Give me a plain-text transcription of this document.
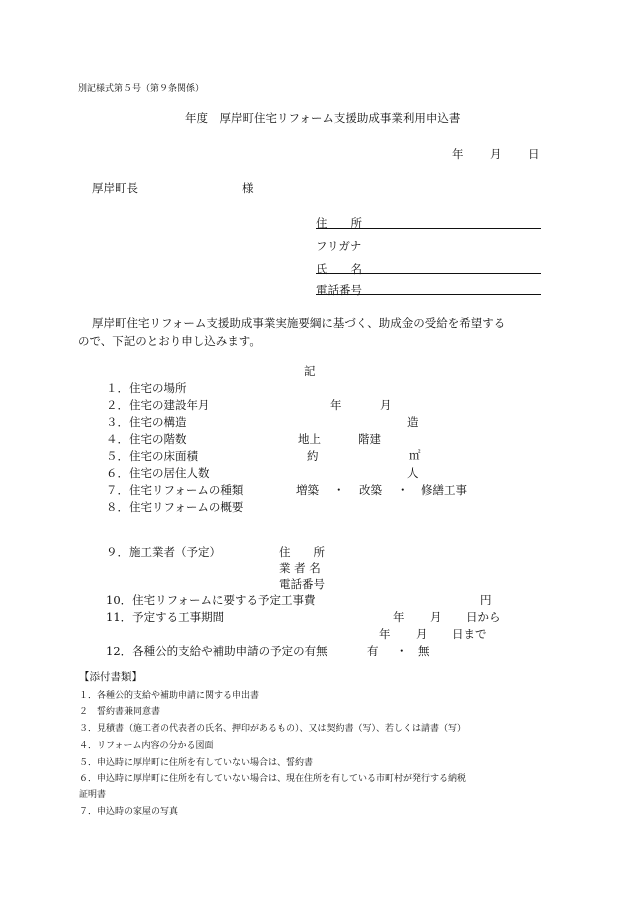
別記様式第５号（第９条関係）
年度　厚岸町住宅リフォーム支援助成事業利用申込書
年 月 日
厚岸町長	様
住　　所
フリガナ
氏　　名
電話番号
厚岸町住宅リフォーム支援助成事業実施要綱に基づく、助成金の受給を希望する
ので、下記のとおり申し込みます。
記
１．住宅の場所
２．住宅の建設年月	年	月
３．住宅の構造	造
４．住宅の階数	地上	階建
５．住宅の床面積	約	㎡
６．住宅の居住人数	人
７．住宅リフォームの種類	増築 ・ 改築 ・ 修繕工事
８．住宅リフォームの概要
９．施工業者（予定）	住　　所
業 者 名
電話番号
10．住宅リフォームに要する予定工事費	円
11．予定する工事期間	年 月 日から
年 月 日まで
12．各種公的支給や補助申請の予定の有無	有 ・ 無
【添付書類】
１．各種公的支給や補助申請に関する申出書
２　誓約書兼同意書
３．見積書（施工者の代表者の氏名、押印があるもの）、又は契約書（写）、若しくは請書（写）
４．リフォーム内容の分かる図面
５．申込時に厚岸町に住所を有していない場合は、誓約書
６．申込時に厚岸町に住所を有していない場合は、現在住所を有している市町村が発行する納税
証明書
７．申込時の家屋の写真
